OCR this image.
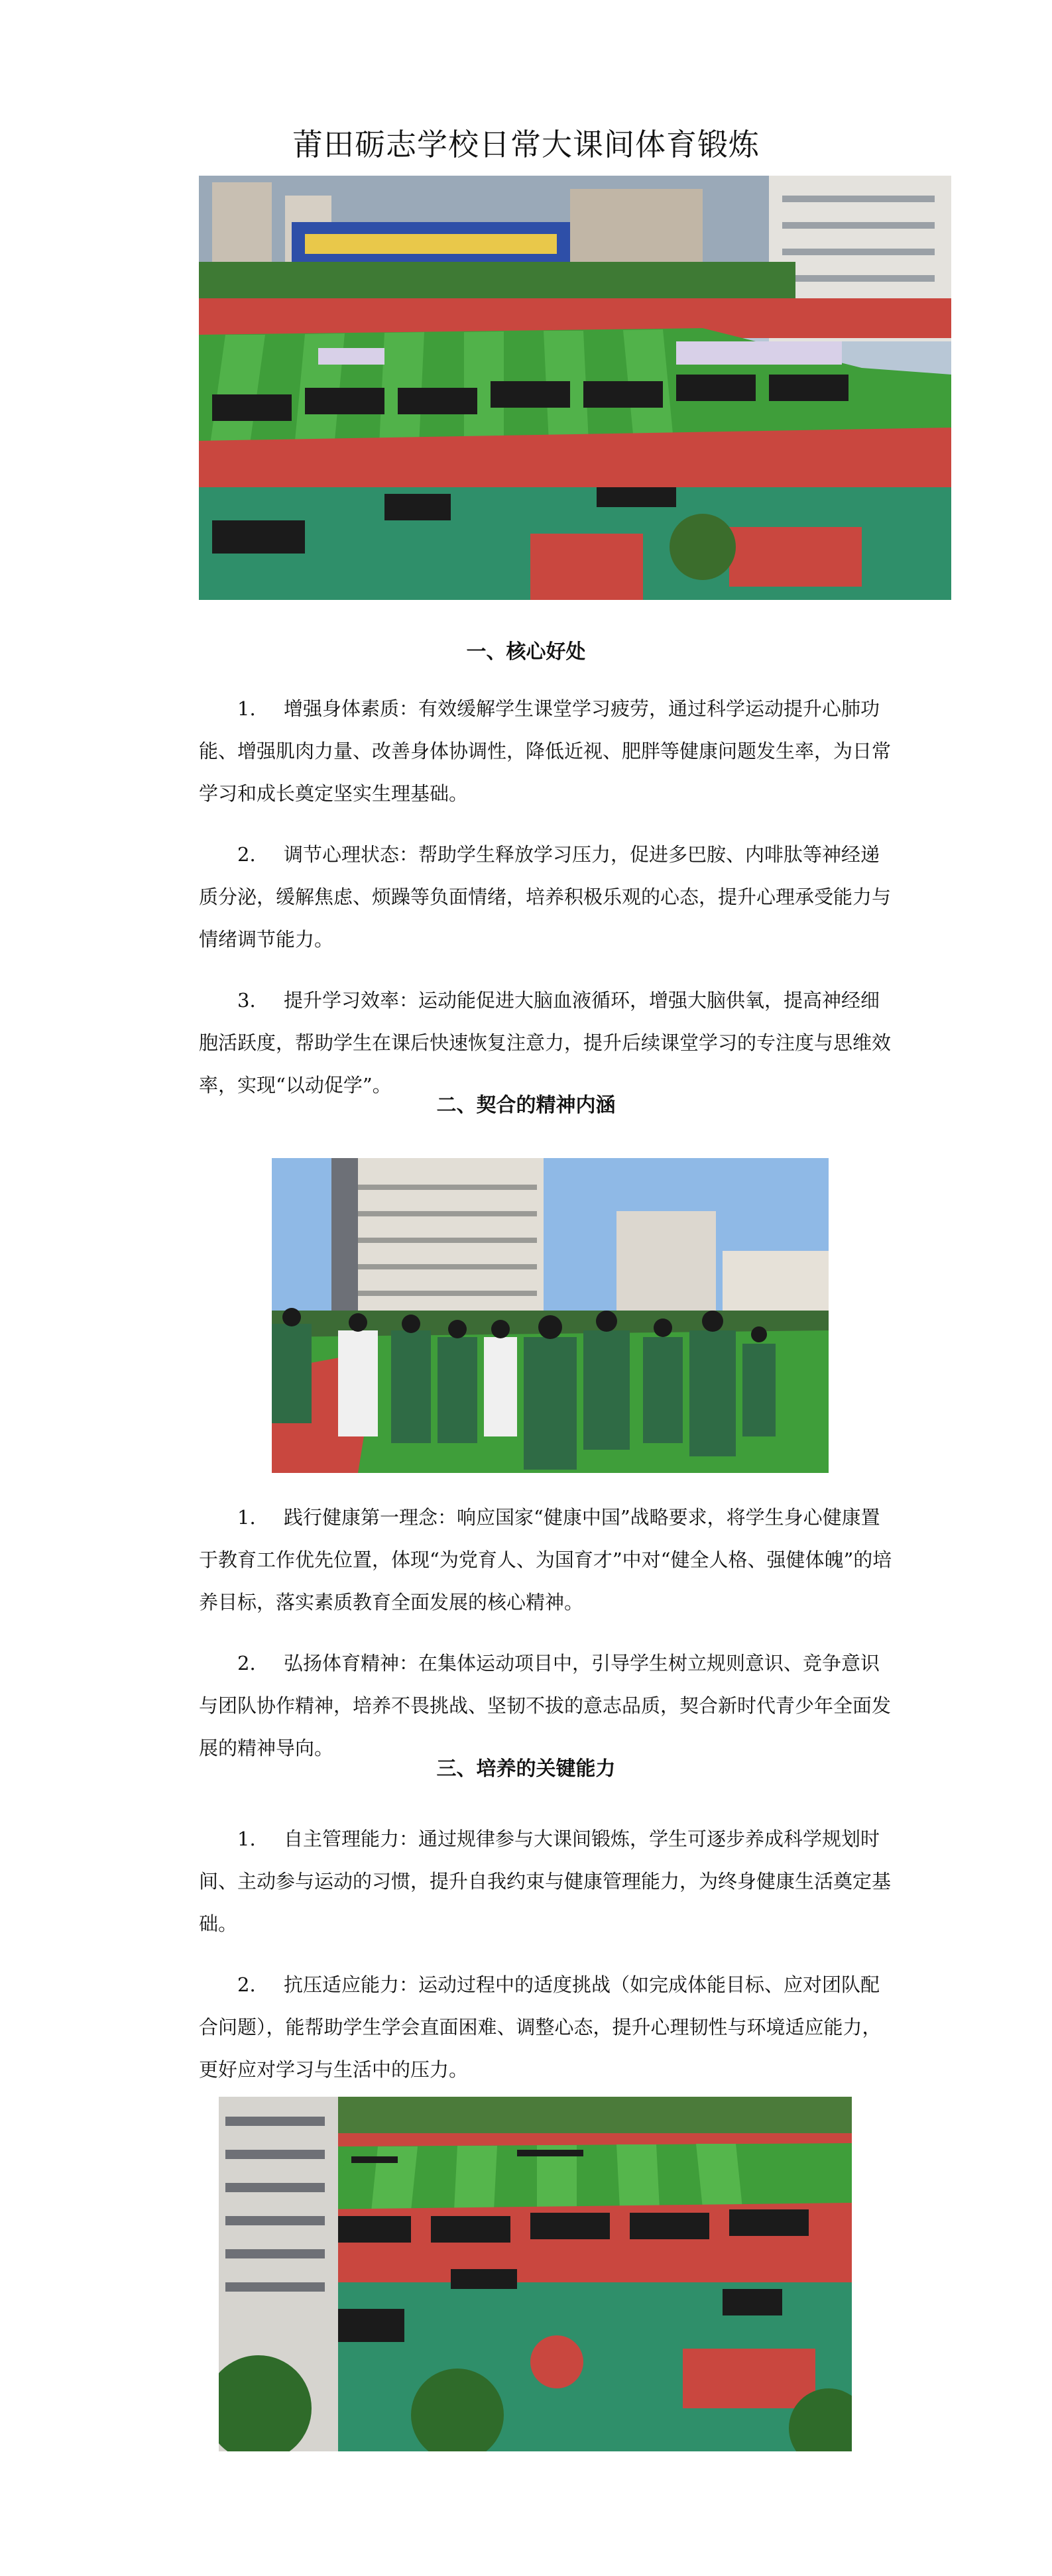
莆田砺志学校日常大课间体育锻炼
一、核心好处

1. 增强身体素质：有效缓解学生课堂学习疲劳，通过科学运动提升心肺功能、增强肌肉力量、改善身体协调性，降低近视、肥胖等健康问题发生率，为日常学习和成长奠定坚实生理基础。

2. 调节心理状态：帮助学生释放学习压力，促进多巴胺、内啡肽等神经递质分泌，缓解焦虑、烦躁等负面情绪，培养积极乐观的心态，提升心理承受能力与情绪调节能力。

3. 提升学习效率：运动能促进大脑血液循环，增强大脑供氧，提高神经细胞活跃度，帮助学生在课后快速恢复注意力，提升后续课堂学习的专注度与思维效率，实现“以动促学”。

二、契合的精神内涵

1. 践行健康第一理念：响应国家“健康中国”战略要求，将学生身心健康置于教育工作优先位置，体现“为党育人、为国育才”中对“健全人格、强健体魄”的培养目标，落实素质教育全面发展的核心精神。

2. 弘扬体育精神：在集体运动项目中，引导学生树立规则意识、竞争意识与团队协作精神，培养不畏挑战、坚韧不拔的意志品质，契合新时代青少年全面发展的精神导向。

三、培养的关键能力

1. 自主管理能力：通过规律参与大课间锻炼，学生可逐步养成科学规划时间、主动参与运动的习惯，提升自我约束与健康管理能力，为终身健康生活奠定基础。

2. 抗压适应能力：运动过程中的适度挑战（如完成体能目标、应对团队配合问题），能帮助学生学会直面困难、调整心态，提升心理韧性与环境适应能力，更好应对学习与生活中的压力。
